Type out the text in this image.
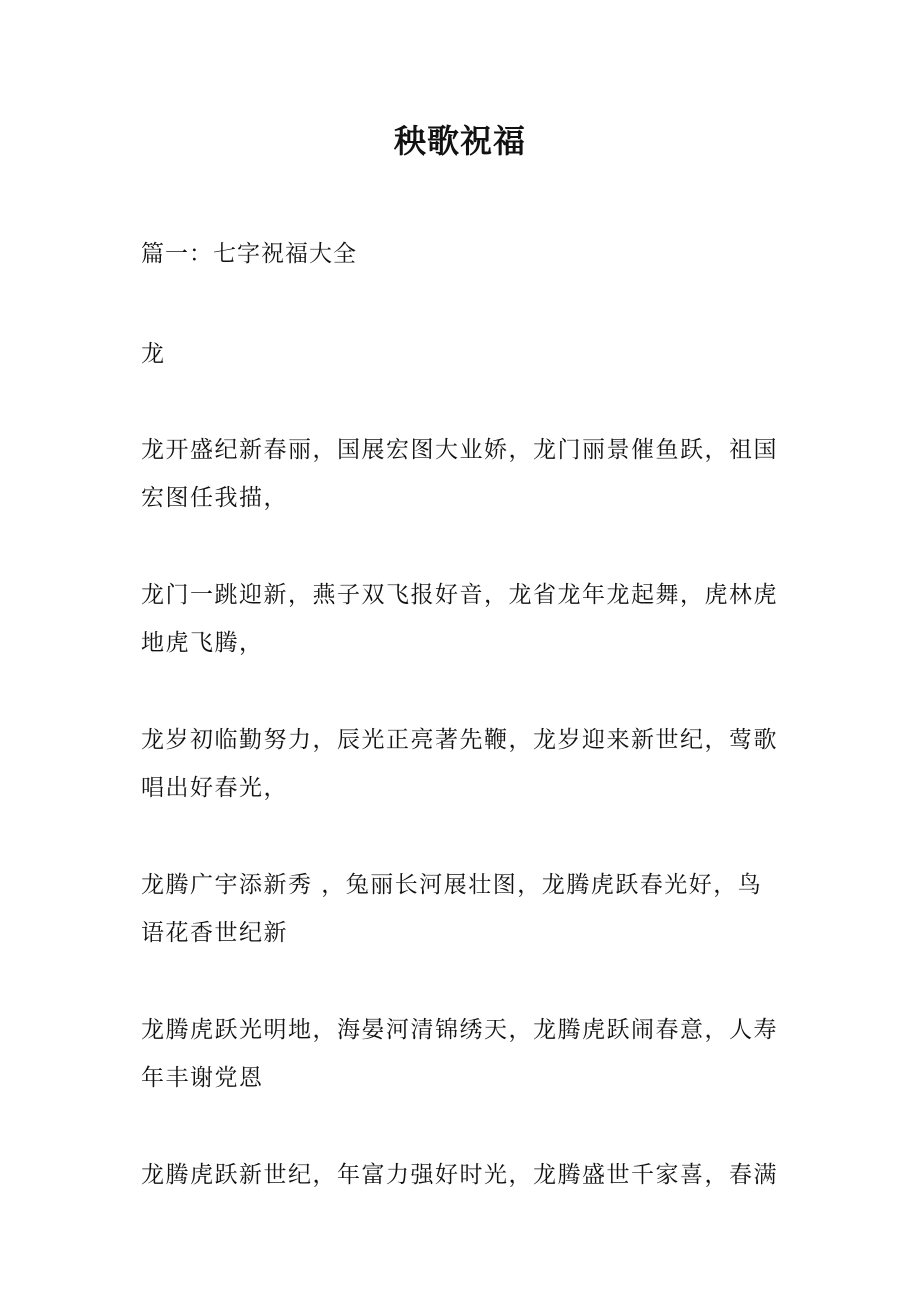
秧歌祝福
篇一：七字祝福大全
龙

龙开盛纪新春丽，国展宏图大业娇，龙门丽景催鱼跃，祖国宏图任我描，

龙门一跳迎新，燕子双飞报好音，龙省龙年龙起舞，虎林虎地虎飞腾，

龙岁初临勤努力，辰光正亮著先鞭，龙岁迎来新世纪，莺歌唱出好春光，

龙腾广宇添新秀 ，兔丽长河展壮图，龙腾虎跃春光好，鸟语花香世纪新

龙腾虎跃光明地，海晏河清锦绣天，龙腾虎跃闹春意，人寿年丰谢党恩

龙腾虎跃新世纪，年富力强好时光，龙腾盛世千家喜，春满
